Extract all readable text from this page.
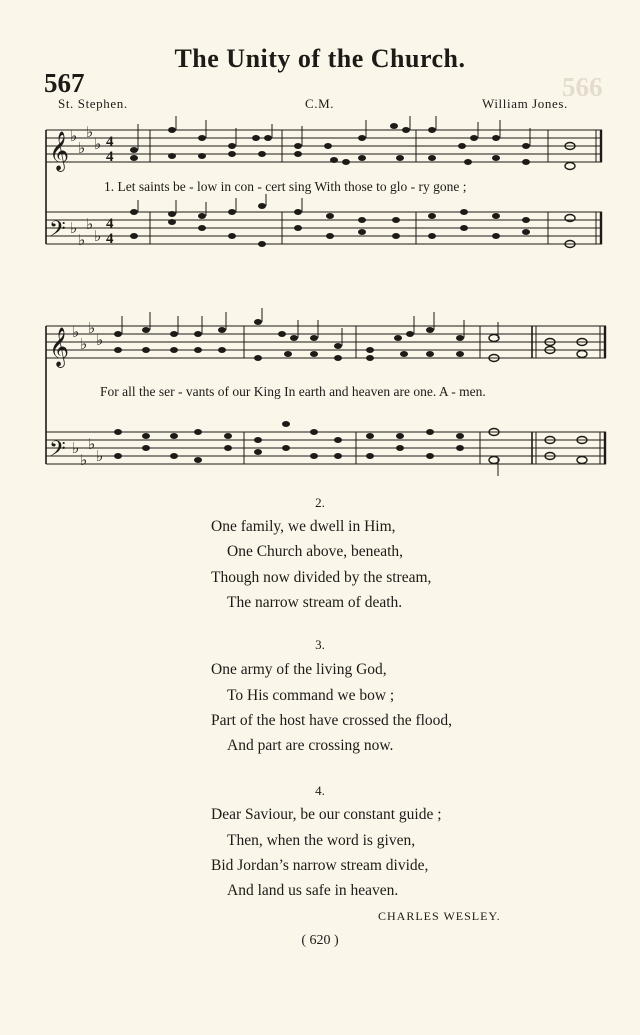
566
The Unity of the Church.
567
St. Stephen.	C.M.	William Jones.
𝄞
𝄢
𝄞
𝄢
♭
♭
♭
♭
♭
♭
♭
♭
♭
♭
♭
♭
♭
♭
♭
♭
4
4
4
4
1. Let saints be - low in con - cert sing With those to glo - ry gone ;
For all the ser - vants of our King In earth and heaven are one. A - men.
2.
One family, we dwell in Him,
One Church above, beneath,
Though now divided by the stream,
The narrow stream of death.
3.
One army of the living God,
To His command we bow ;
Part of the host have crossed the flood,
And part are crossing now.
4.
Dear Saviour, be our constant guide ;
Then, when the word is given,
Bid Jordan’s narrow stream divide,
And land us safe in heaven.
CHARLES WESLEY.
( 620 )
